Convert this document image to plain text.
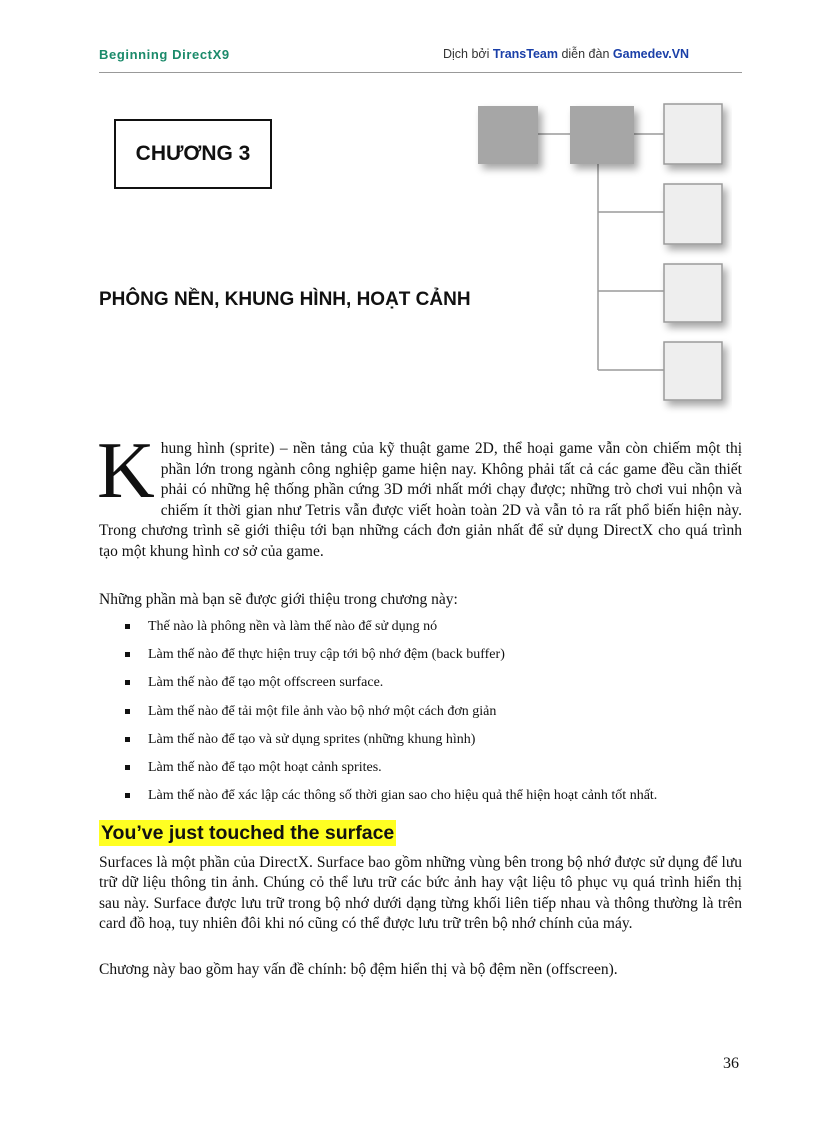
Beginning DirectX9	Dịch bởi TransTeam diễn đàn Gamedev.VN
CHƯƠNG 3
PHÔNG NỀN, KHUNG HÌNH, HOẠT CẢNH
Khung hình (sprite) – nền tảng của kỹ thuật game 2D, thể hoại game vẫn còn chiếm một thị phần lớn trong ngành công nghiệp game hiện nay. Không phải tất cả các game đều cần thiết phải có những hệ thống phần cứng 3D mới nhất mới chạy được; những trò chơi vui nhộn và chiếm ít thời gian như Tetris vẫn được viết hoàn toàn 2D và vẫn tỏ ra rất phổ biến hiện này. Trong chương trình sẽ giới thiệu tới bạn những cách đơn giản nhất để sử dụng DirectX cho quá trình tạo một khung hình cơ sở của game.
Những phần mà bạn sẽ được giới thiệu trong chương này:
Thế nào là phông nền và làm thế nào để sử dụng nó
Làm thế nào để thực hiện truy cập tới bộ nhớ đệm (back buffer)
Làm thế nào để tạo một offscreen surface.
Làm thế nào để tải một file ảnh vào bộ nhớ một cách đơn giản
Làm thế nào để tạo và sử dụng sprites (những khung hình)
Làm thế nào để tạo một hoạt cảnh sprites.
Làm thế nào để xác lập các thông số thời gian sao cho hiệu quả thể hiện hoạt cảnh tốt nhất.
You’ve just touched the surface
Surfaces là một phần của DirectX. Surface bao gồm những vùng bên trong bộ nhớ được sử dụng để lưu trữ dữ liệu thông tin ảnh. Chúng cỏ thể lưu trữ các bức ảnh hay vật liệu tô phục vụ quá trình hiển thị sau này. Surface được lưu trữ trong bộ nhớ dưới dạng từng khối liên tiếp nhau và thông thường là trên card đồ hoạ, tuy nhiên đôi khi nó cũng có thể được lưu trữ trên bộ nhớ chính của máy.
Chương này bao gồm hay vấn đề chính: bộ đệm hiển thị và bộ đệm nền (offscreen).
36
